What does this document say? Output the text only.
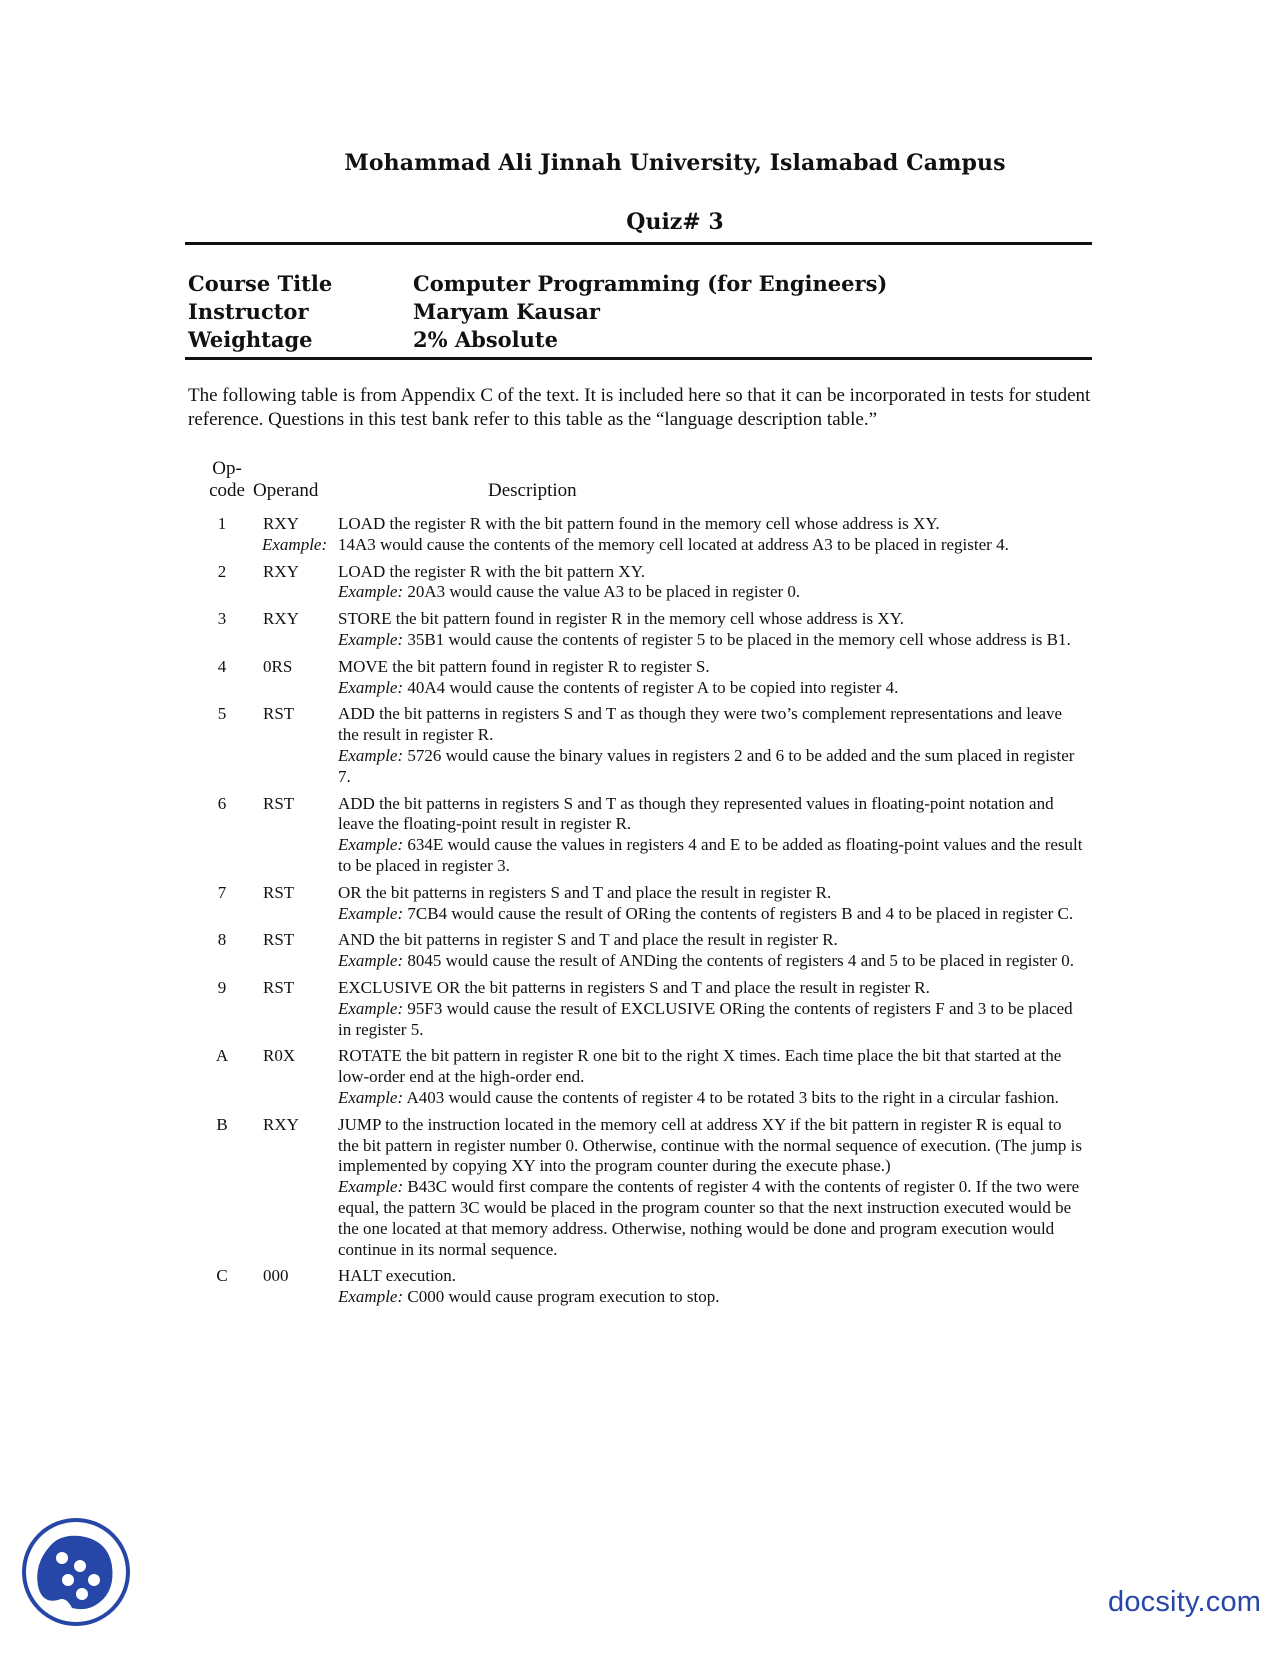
Mohammad Ali Jinnah University, Islamabad Campus
Quiz# 3
Course Title	Computer Programming (for Engineers)
Instructor	Maryam Kausar
Weightage	2% Absolute

The following table is from Appendix C of the text. It is included here so that it can be incorporated in tests for student reference. Questions in this test bank refer to this table as the “language description table.”

Op-
code Operand	Description
1	RXY LOAD the register R with the bit pattern found in the memory cell whose address is XY.
Example: 14A3 would cause the contents of the memory cell located at address A3 to be placed in register 4.
2	RXY LOAD the register R with the bit pattern XY.
Example: 20A3 would cause the value A3 to be placed in register 0.
3	RXY STORE the bit pattern found in register R in the memory cell whose address is XY.
Example: 35B1 would cause the contents of register 5 to be placed in the memory cell whose address is B1.
4	0RS	MOVE the bit pattern found in register R to register S.
Example: 40A4 would cause the contents of register A to be copied into register 4.
5	RST	ADD the bit patterns in registers S and T as though they were two’s complement representations and leave the result in register R.
Example: 5726 would cause the binary values in registers 2 and 6 to be added and the sum placed in register 7.
6	RST	ADD the bit patterns in registers S and T as though they represented values in floating-point notation and leave the floating-point result in register R.
Example: 634E would cause the values in registers 4 and E to be added as floating-point values and the result to be placed in register 3.
7	RST	OR the bit patterns in registers S and T and place the result in register R.
Example: 7CB4 would cause the result of ORing the contents of registers B and 4 to be placed in register C.
8	RST	AND the bit patterns in register S and T and place the result in register R.
Example: 8045 would cause the result of ANDing the contents of registers 4 and 5 to be placed in register 0.
9	RST	EXCLUSIVE OR the bit patterns in registers S and T and place the result in register R.
Example: 95F3 would cause the result of EXCLUSIVE ORing the contents of registers F and 3 to be placed in register 5.
A	R0X	ROTATE the bit pattern in register R one bit to the right X times. Each time place the bit that started at the low-order end at the high-order end.
Example: A403 would cause the contents of register 4 to be rotated 3 bits to the right in a circular fashion.
B	RXY JUMP to the instruction located in the memory cell at address XY if the bit pattern in register R is equal to the bit pattern in register number 0. Otherwise, continue with the normal sequence of execution. (The jump is implemented by copying XY into the program counter during the execute phase.)
Example: B43C would first compare the contents of register 4 with the contents of register 0. If the two were equal, the pattern 3C would be placed in the program counter so that the next instruction executed would be the one located at that memory address. Otherwise, nothing would be done and program execution would continue in its normal sequence.
C	000	HALT execution.
Example: C000 would cause program execution to stop.
docsity.com
